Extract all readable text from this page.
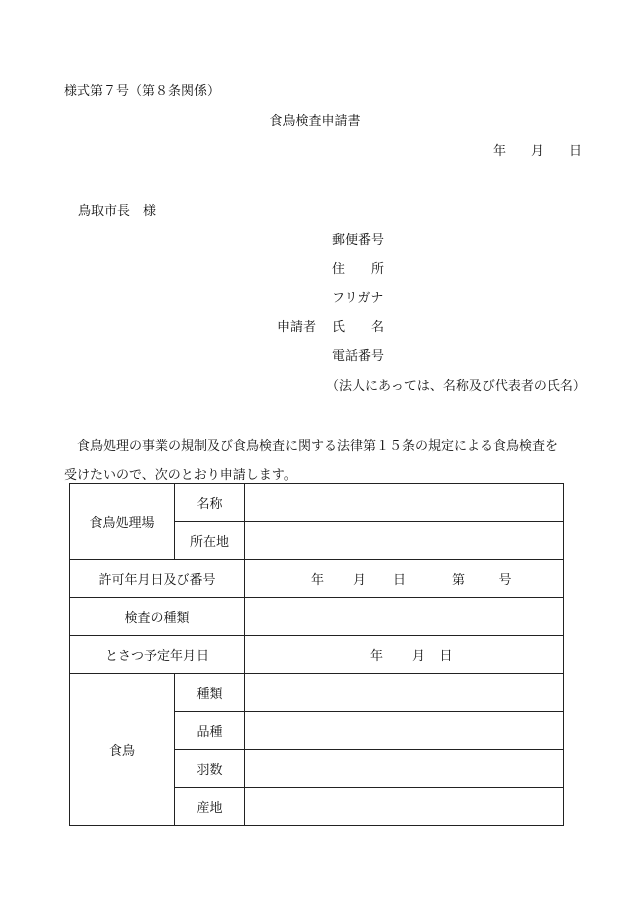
様式第７号（第８条関係）
食鳥検査申請書
年 月 日
鳥取市長　様
郵便番号
住　　所
フリガナ
申請者 氏　　名
電話番号
（法人にあっては、名称及び代表者の氏名）
食鳥処理の事業の規制及び食鳥検査に関する法律第１５条の規定による食鳥検査を
受けたいので、次のとおり申請します。
食鳥処理場	名称	
	所在地	
許可年月日及び番号		年 月 日 第 号

検査の種類		
とさつ予定年月日		年 月 日

食鳥	種類	
	品種	
	羽数	
	産地	
